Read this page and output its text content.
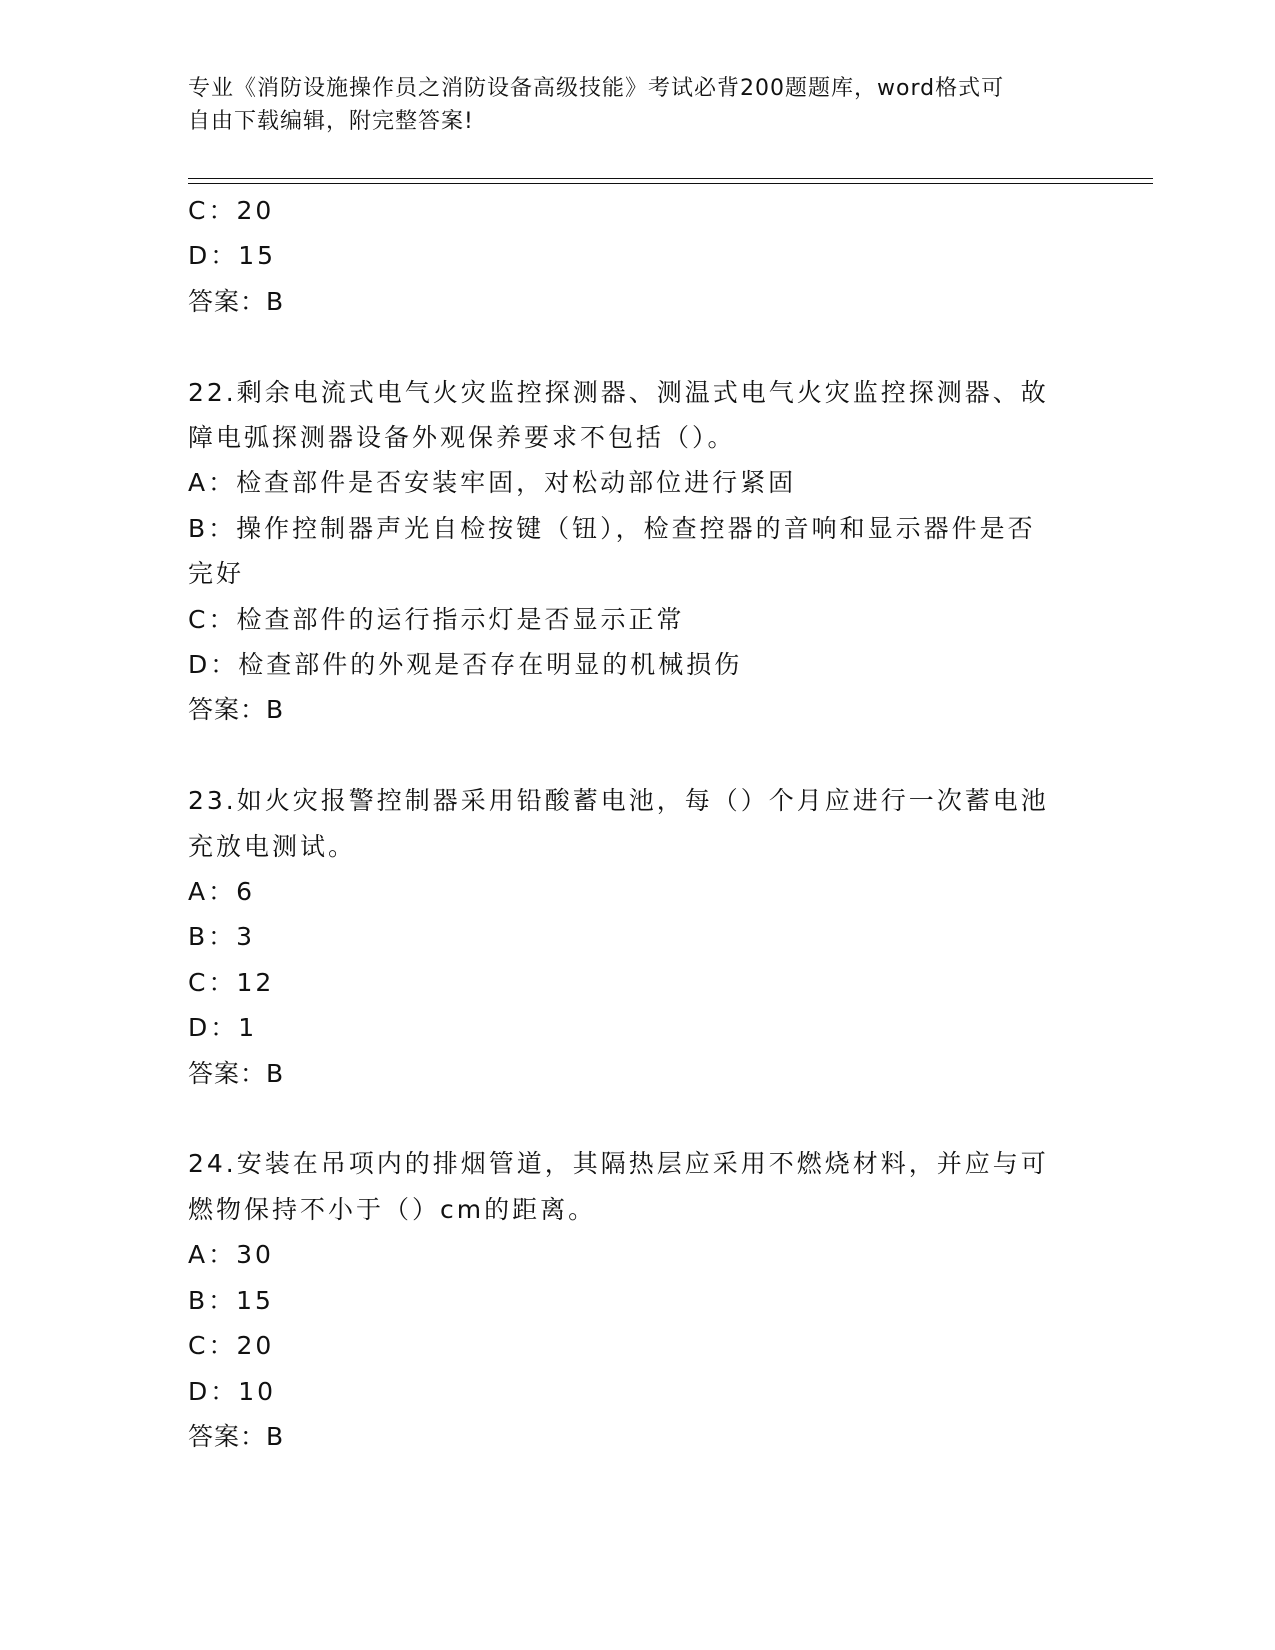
专业《消防设施操作员之消防设备高级技能》考试必背200题题库，word格式可
自由下载编辑，附完整答案!
C：20
D：15
答案：B
22.剩余电流式电气火灾监控探测器、测温式电气火灾监控探测器、故
障电弧探测器设备外观保养要求不包括（）。
A：检查部件是否安装牢固，对松动部位进行紧固
B：操作控制器声光自检按键（钮），检查控器的音响和显示器件是否
完好
C：检查部件的运行指示灯是否显示正常
D：检查部件的外观是否存在明显的机械损伤
答案：B
23.如火灾报警控制器采用铅酸蓄电池，每（）个月应进行一次蓄电池
充放电测试。
A：6
B：3
C：12
D：1
答案：B
24.安装在吊项内的排烟管道，其隔热层应采用不燃烧材料，并应与可
燃物保持不小于（）cm的距离。
A：30
B：15
C：20
D：10
答案：B
